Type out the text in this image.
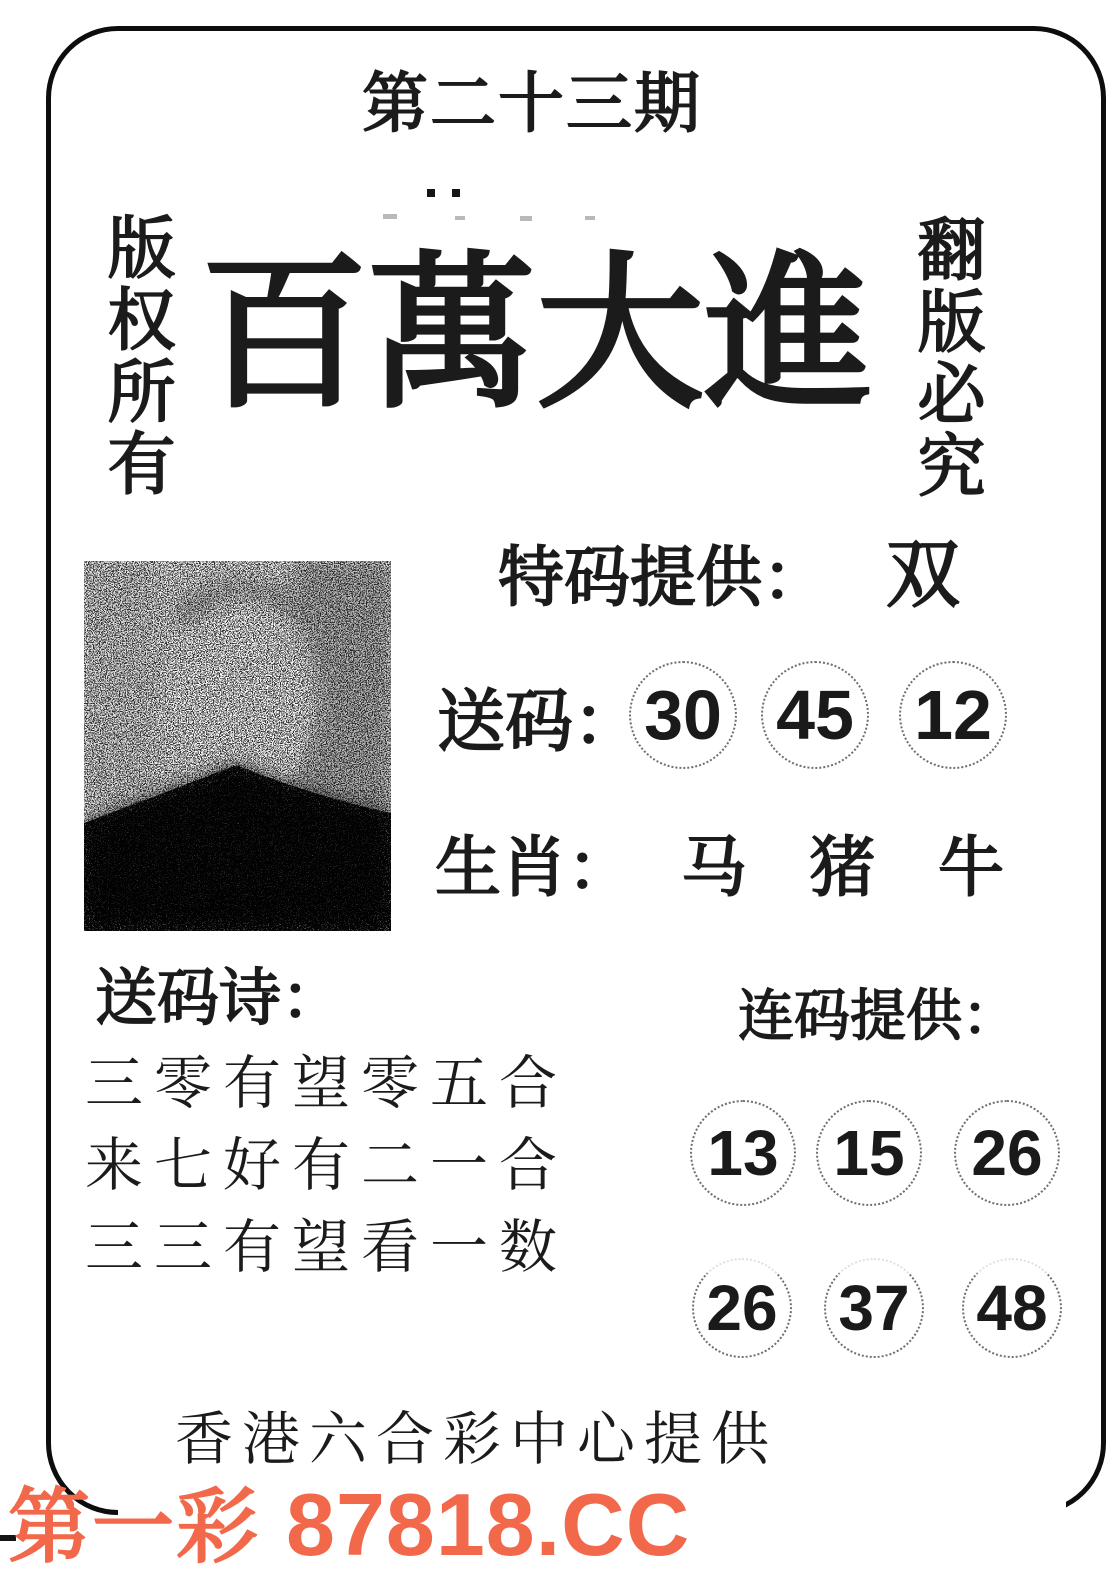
第二十三期
版权所有 百萬大進 翻版必究
特码提供： 双
送码： 30 45 12
生肖： 马 猪 牛
送码诗：
三零有望零五合
来七好有二一合
三三有望看一数
连码提供：
13 15 26
26 37 48
香港六合彩中心提供
第一彩 87818.CC
